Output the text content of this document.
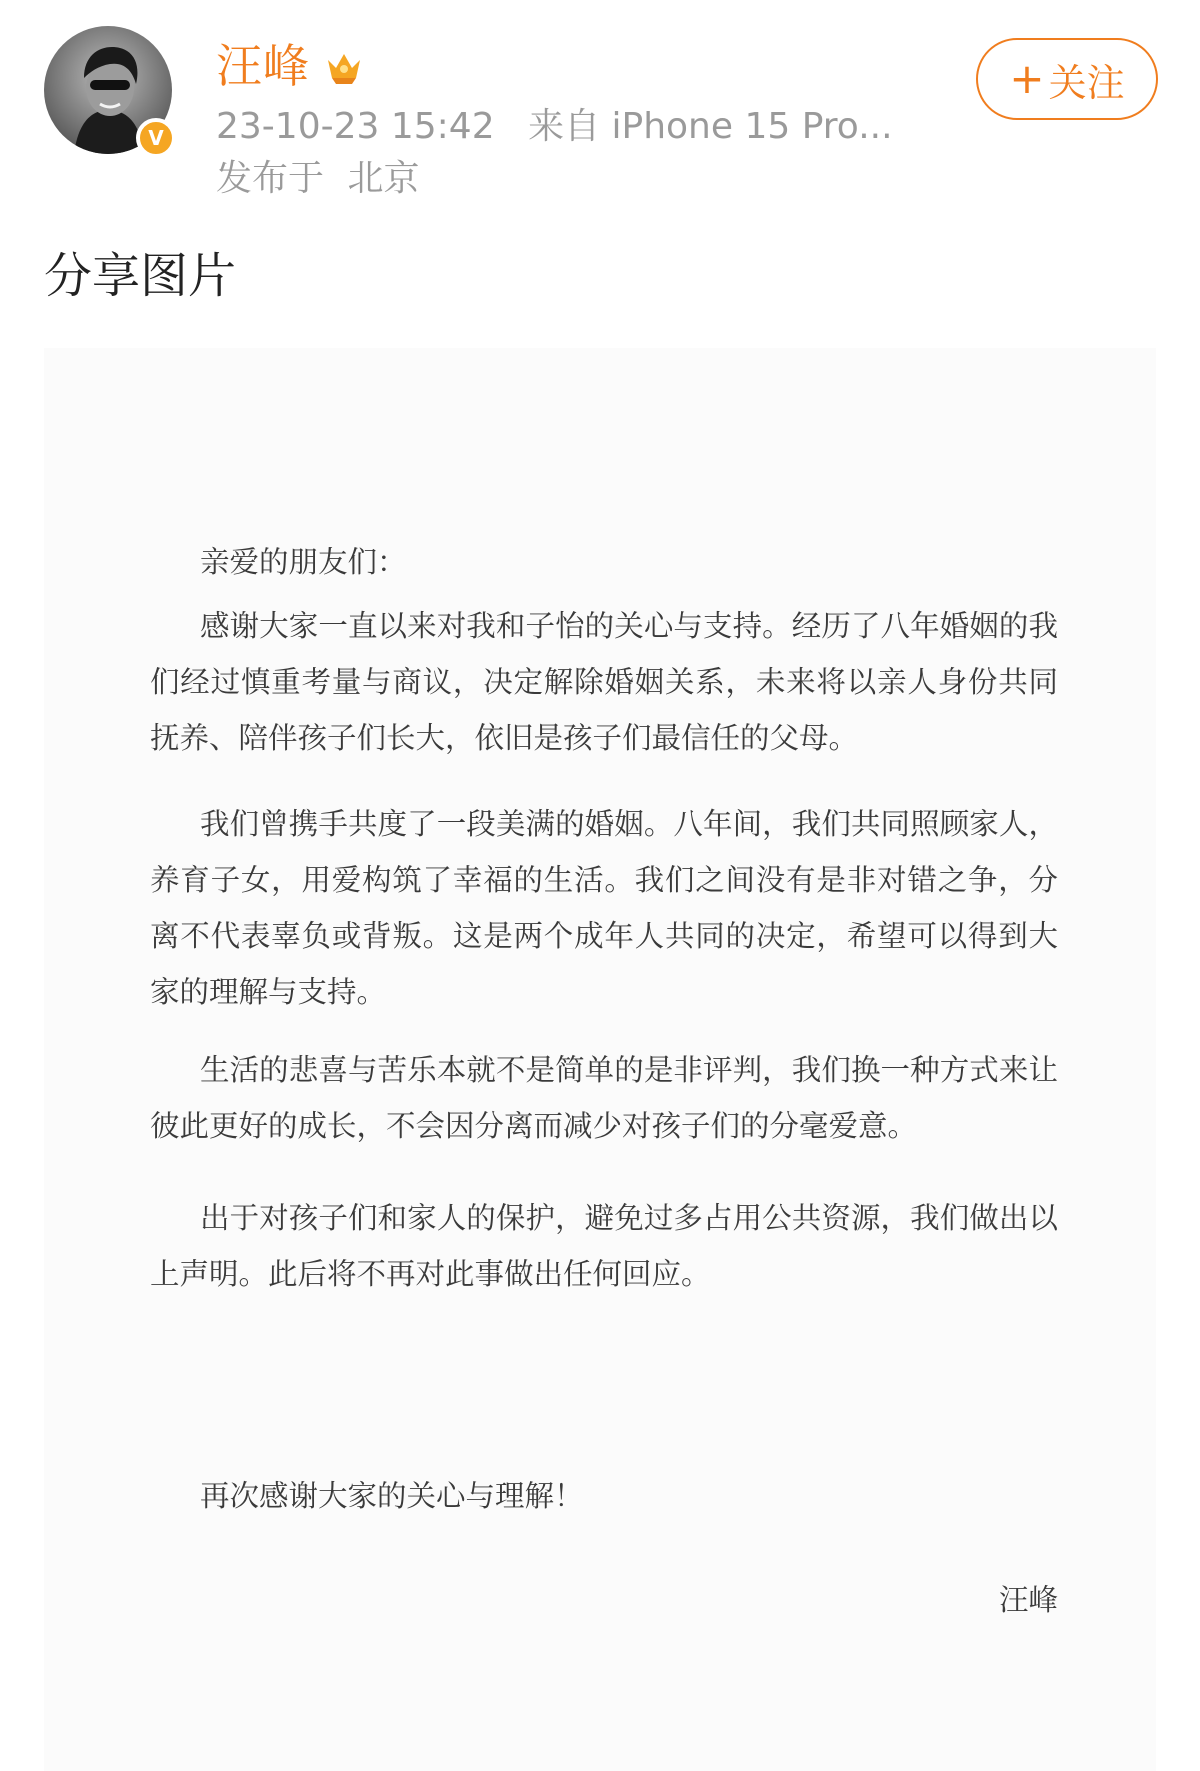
V
汪峰
23-10-23 15:42 来自 iPhone 15 Pro...
发布于 北京
+ 关注
分享图片
亲爱的朋友们：
感谢大家一直以来对我和子怡的关心与支持。经历了八年婚姻的我们经过慎重考量与商议，决定解除婚姻关系，未来将以亲人身份共同抚养、陪伴孩子们长大，依旧是孩子们最信任的父母。
我们曾携手共度了一段美满的婚姻。八年间，我们共同照顾家人，养育子女，用爱构筑了幸福的生活。我们之间没有是非对错之争，分离不代表辜负或背叛。这是两个成年人共同的决定，希望可以得到大家的理解与支持。
生活的悲喜与苦乐本就不是简单的是非评判，我们换一种方式来让彼此更好的成长，不会因分离而减少对孩子们的分毫爱意。
出于对孩子们和家人的保护，避免过多占用公共资源，我们做出以上声明。此后将不再对此事做出任何回应。
再次感谢大家的关心与理解！
汪峰
